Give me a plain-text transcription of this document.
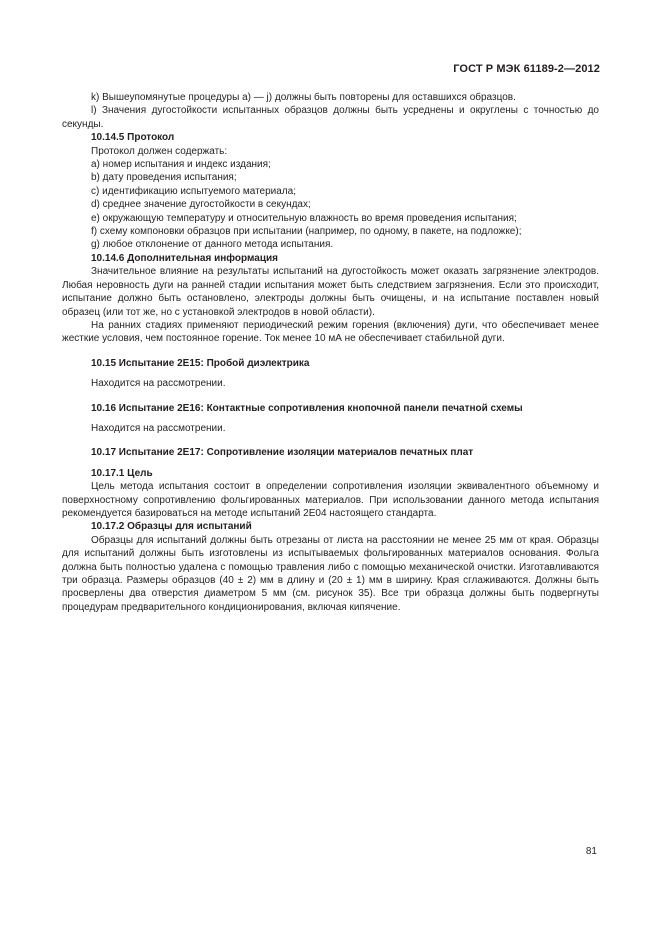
ГОСТ Р МЭК 61189-2—2012

k) Вышеупомянутые процедуры a) — j) должны быть повторены для оставшихся образцов.

l) Значения дугостойкости испытанных образцов должны быть усреднены и округлены с точностью до секунды.

10.14.5 Протокол

Протокол должен содержать:

a) номер испытания и индекс издания;

b) дату проведения испытания;

c) идентификацию испытуемого материала;

d) среднее значение дугостойкости в секундах;

e) окружающую температуру и относительную влажность во время проведения испытания;

f) схему компоновки образцов при испытании (например, по одному, в пакете, на подложке);

g) любое отклонение от данного метода испытания.

10.14.6 Дополнительная информация

Значительное влияние на результаты испытаний на дугостойкость может оказать загрязнение электродов. Любая неровность дуги на ранней стадии испытания может быть следствием загрязнения. Если это происходит, испытание должно быть остановлено, электроды должны быть очищены, и на испытание поставлен новый образец (или тот же, но с установкой электродов в новой области).

На ранних стадиях применяют периодический режим горения (включения) дуги, что обеспечивает менее жесткие условия, чем постоянное горение. Ток менее 10 мА не обеспечивает стабильной дуги.

10.15 Испытание 2Е15: Пробой диэлектрика

Находится на рассмотрении.

10.16 Испытание 2Е16: Контактные сопротивления кнопочной панели печатной схемы

Находится на рассмотрении.

10.17 Испытание 2Е17: Сопротивление изоляции материалов печатных плат

10.17.1 Цель

Цель метода испытания состоит в определении сопротивления изоляции эквивалентного объемному и поверхностному сопротивлению фольгированных материалов. При использовании данного метода испытания рекомендуется базироваться на методе испытаний 2Е04 настоящего стандарта.

10.17.2 Образцы для испытаний

Образцы для испытаний должны быть отрезаны от листа на расстоянии не менее 25 мм от края. Образцы для испытаний должны быть изготовлены из испытываемых фольгированных материалов основания. Фольга должна быть полностью удалена с помощью травления либо с помощью механической очистки. Изготавливаются три образца. Размеры образцов (40 ± 2) мм в длину и (20 ± 1) мм в ширину. Края сглаживаются. Должны быть просверлены два отверстия диаметром 5 мм (см. рисунок 35). Все три образца должны быть подвергнуты процедурам предварительного кондиционирования, включая кипячение.

81
